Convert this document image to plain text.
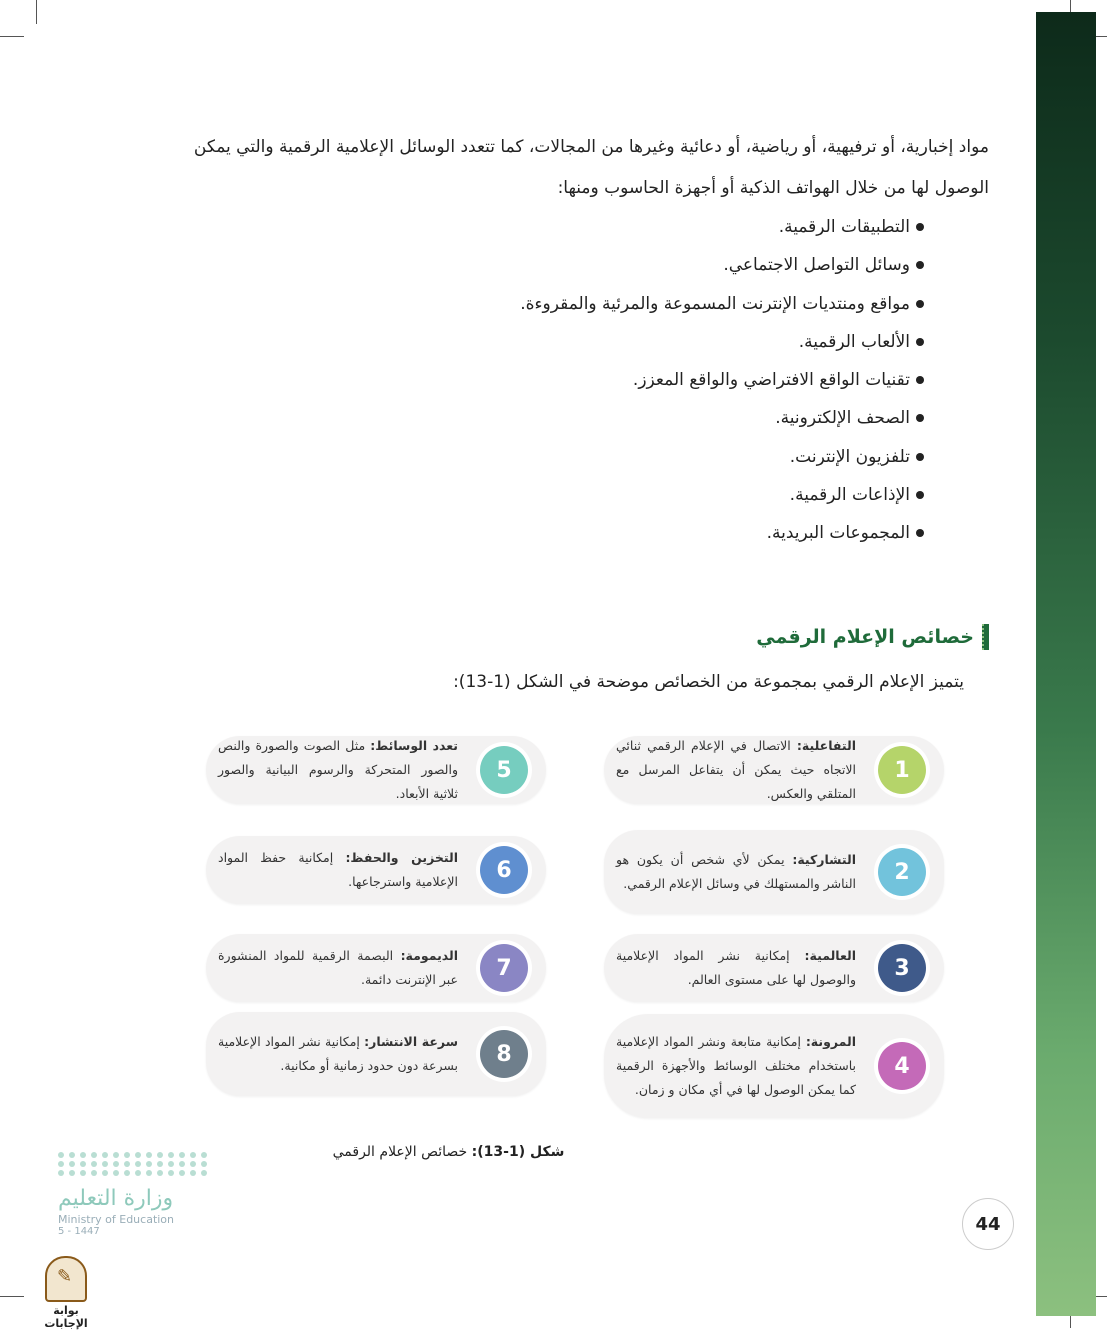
مواد إخبارية، أو ترفيهية، أو رياضية، أو دعائية وغيرها من المجالات، كما تتعدد الوسائل الإعلامية الرقمية والتي يمكن
الوصول لها من خلال الهواتف الذكية أو أجهزة الحاسوب ومنها:
التطبيقات الرقمية.
وسائل التواصل الاجتماعي.
مواقع ومنتديات الإنترنت المسموعة والمرئية والمقروءة.
الألعاب الرقمية.
تقنيات الواقع الافتراضي والواقع المعزز.
الصحف الإلكترونية.
تلفزيون الإنترنت.
الإذاعات الرقمية.
المجموعات البريدية.
خصائص الإعلام الرقمي
يتميز الإعلام الرقمي بمجموعة من الخصائص موضحة في الشكل (1-13):
1
التفاعلية: الاتصال في الإعلام الرقمي ثنائي الاتجاه حيث يمكن أن يتفاعل المرسل مع المتلقي والعكس.
2
التشاركية: يمكن لأي شخص أن يكون هو الناشر والمستهلك في وسائل الإعلام الرقمي.
3
العالمية: إمكانية نشر المواد الإعلامية والوصول لها على مستوى العالم.
4
المرونة: إمكانية متابعة ونشر المواد الإعلامية باستخدام مختلف الوسائط والأجهزة الرقمية كما يمكن الوصول لها في أي مكان و زمان.
5
تعدد الوسائط: مثل الصوت والصورة والنص والصور المتحركة والرسوم البيانية والصور ثلاثية الأبعاد.
6
التخزين والحفظ: إمكانية حفظ المواد الإعلامية واسترجاعها.
7
الديمومة: البصمة الرقمية للمواد المنشورة عبر الإنترنت دائمة.
8
سرعة الانتشار: إمكانية نشر المواد الإعلامية بسرعة دون حدود زمانية أو مكانية.
شكل (1-13): خصائص الإعلام الرقمي
44
وزارة التعليم
Ministry of Education
5 - 1447
✎
بوابة الإجابات
